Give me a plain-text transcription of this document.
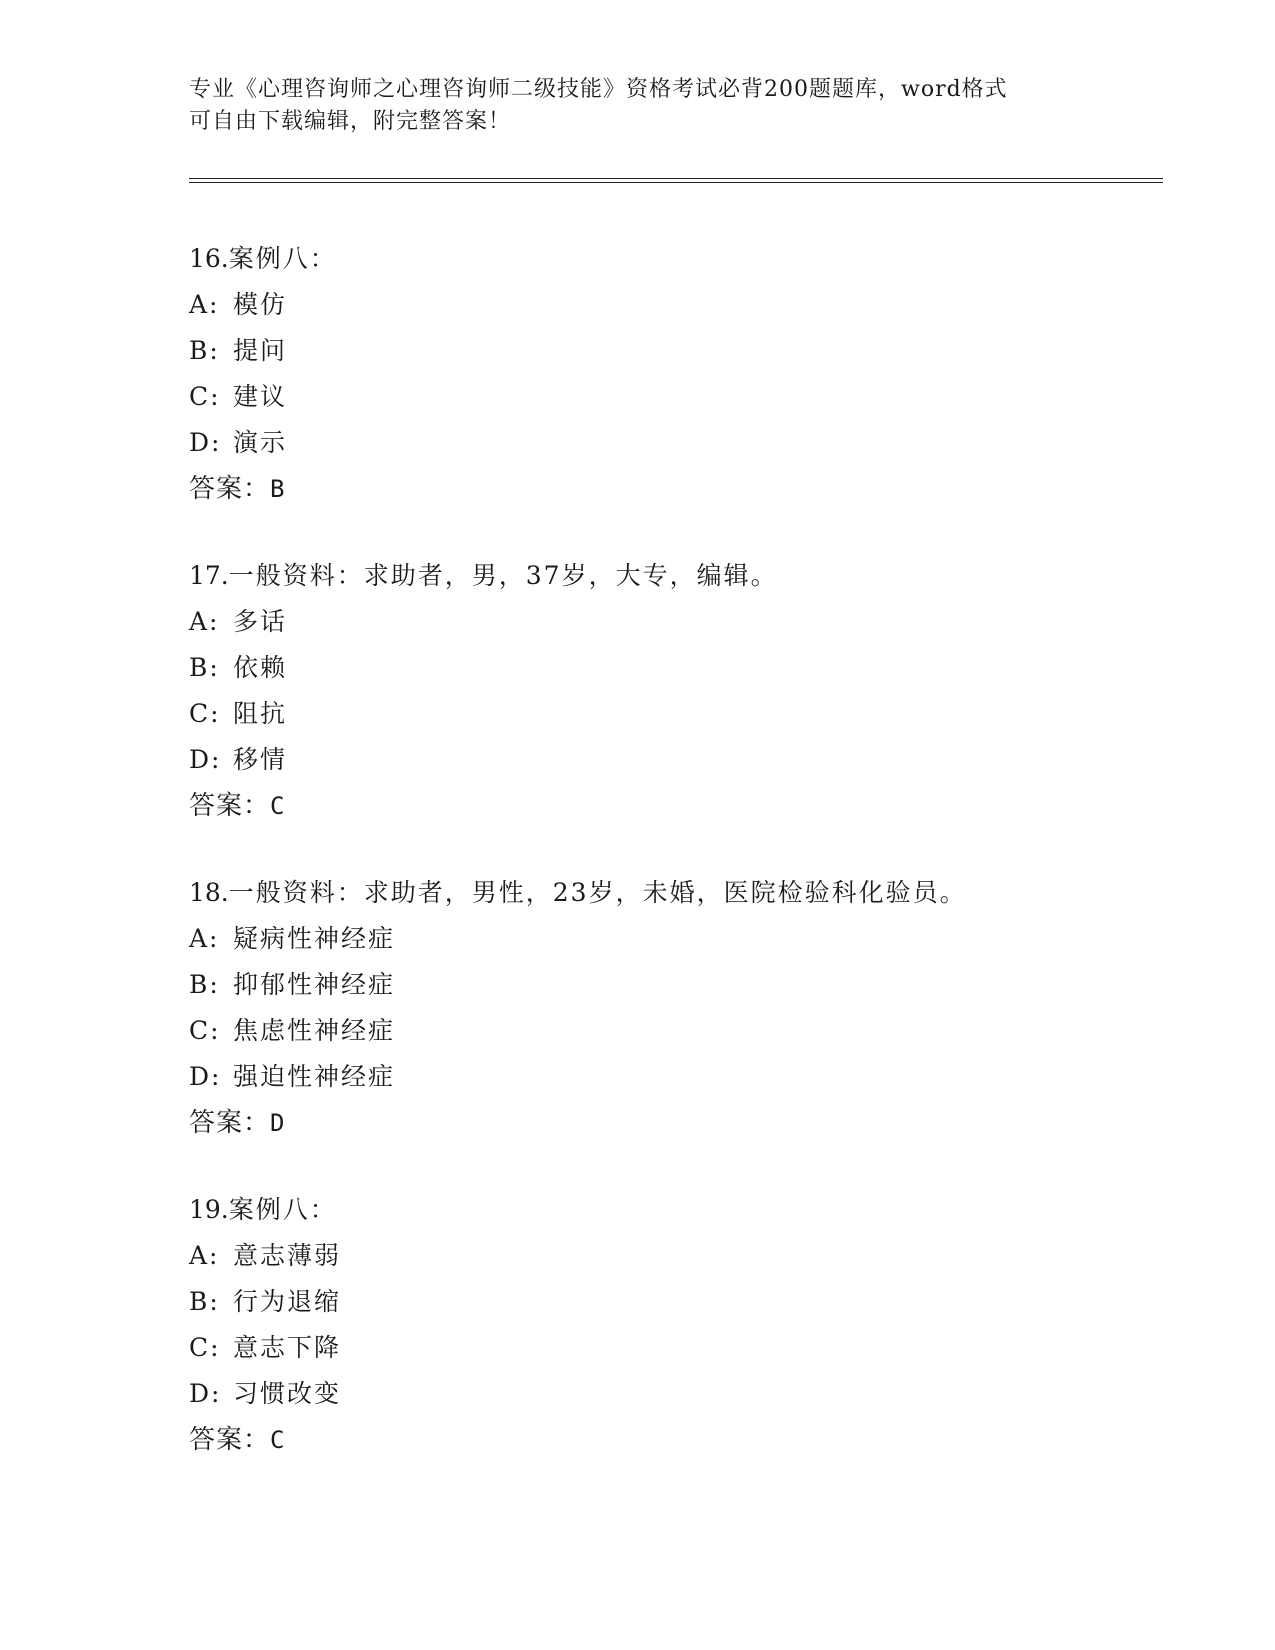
专业《心理咨询师之心理咨询师二级技能》资格考试必背200题题库，word格式
可自由下载编辑，附完整答案！
16.案例八：
A: 模仿
B: 提问
C: 建议
D: 演示
答案：B
17.一般资料：求助者，男，37岁，大专，编辑。
A: 多话
B: 依赖
C: 阻抗
D: 移情
答案：C
18.一般资料：求助者，男性，23岁，未婚，医院检验科化验员。
A: 疑病性神经症
B: 抑郁性神经症
C: 焦虑性神经症
D: 强迫性神经症
答案：D
19.案例八：
A: 意志薄弱
B: 行为退缩
C: 意志下降
D: 习惯改变
答案：C
